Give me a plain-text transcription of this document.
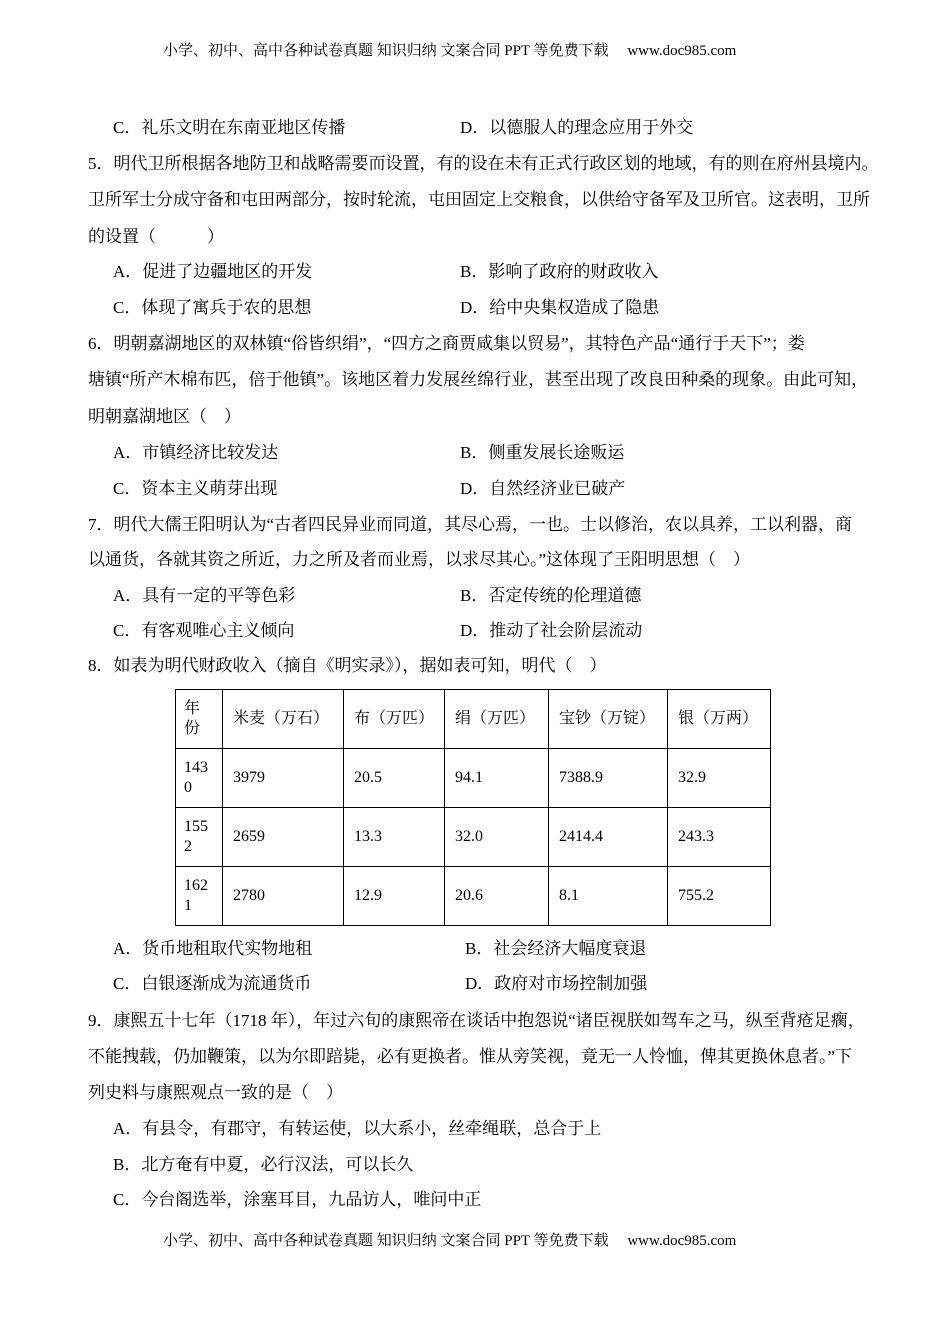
小学、初中、高中各种试卷真题 知识归纳 文案合同 PPT 等免费下载 www.doc985.com
C．礼乐文明在东南亚地区传播	D．以德服人的理念应用于外交
5．明代卫所根据各地防卫和战略需要而设置，有的设在未有正式行政区划的地域，有的则在府州县境内。
卫所军士分成守备和屯田两部分，按时轮流，屯田固定上交粮食，以供给守备军及卫所官。这表明，卫所
的设置（　　　）
A．促进了边疆地区的开发	B．影响了政府的财政收入
C．体现了寓兵于农的思想	D．给中央集权造成了隐患
6．明朝嘉湖地区的双林镇“俗皆织绢”，“四方之商贾咸集以贸易”，其特色产品“通行于天下”；娄
塘镇“所产木棉布匹，倍于他镇”。该地区着力发展丝绵行业，甚至出现了改良田种桑的现象。由此可知，
明朝嘉湖地区（　）
A．市镇经济比较发达	B．侧重发展长途贩运
C．资本主义萌芽出现	D．自然经济业已破产
7．明代大儒王阳明认为“古者四民异业而同道，其尽心焉，一也。士以修治，农以具养，工以利器，商
以通货，各就其资之所近，力之所及者而业焉，以求尽其心。”这体现了王阳明思想（　）
A．具有一定的平等色彩	B．否定传统的伦理道德
C．有客观唯心主义倾向	D．推动了社会阶层流动
8．如表为明代财政收入（摘自《明实录》），据如表可知，明代（　）
年份	米麦（万石）	布（万匹）	绢（万匹）	宝钞（万锭）	银（万两）
1430	3979	20.5	94.1	7388.9	32.9
1552	2659	13.3	32.0	2414.4	243.3
1621	2780	12.9	20.6	8.1	755.2
A．货币地租取代实物地租	B．社会经济大幅度衰退
C．白银逐渐成为流通货币	D．政府对市场控制加强
9．康熙五十七年（1718 年），年过六旬的康熙帝在谈话中抱怨说“诸臣视朕如驾车之马，纵至背疮足瘸，
不能拽载，仍加鞭策，以为尔即踣毙，必有更换者。惟从旁笑视，竟无一人怜恤，俾其更换休息者。”下
列史料与康熙观点一致的是（　）
A．有县令，有郡守，有转运使，以大系小，丝牵绳联，总合于上
B．北方奄有中夏，必行汉法，可以长久
C．今台阁选举，涂塞耳目，九品访人，唯问中正
小学、初中、高中各种试卷真题 知识归纳 文案合同 PPT 等免费下载 www.doc985.com
